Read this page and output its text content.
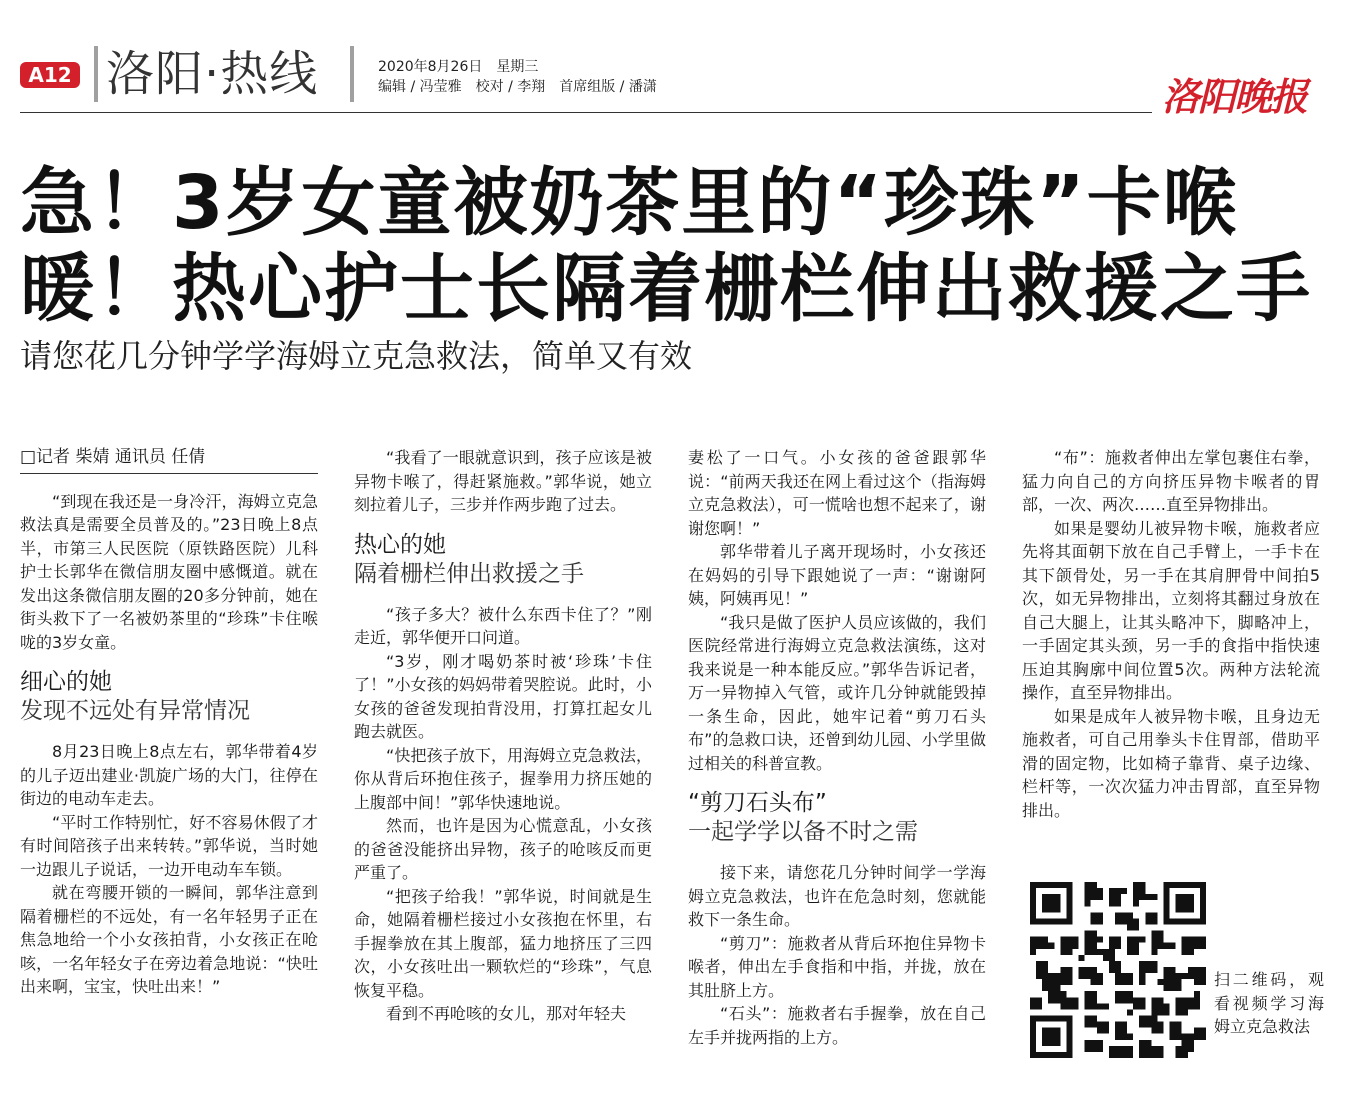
A12 洛阳·热线	2020年8月26日　星期三
编辑 / 冯莹雅　校对 / 李翔　首席组版 / 潘潇	洛阳晚报
急！3岁女童被奶茶里的“珍珠”卡喉
暖！热心护士长隔着栅栏伸出救援之手
请您花几分钟学学海姆立克急救法，简单又有效

□记者 柴婧 通讯员 任倩

“到现在我还是一身冷汗，海姆立克急救法真是需要全员普及的。”23日晚上8点半，市第三人民医院（原铁路医院）儿科护士长郭华在微信朋友圈中感慨道。就在发出这条微信朋友圈的20多分钟前，她在街头救下了一名被奶茶里的“珍珠”卡住喉咙的3岁女童。

细心的她
发现不远处有异常情况

8月23日晚上8点左右，郭华带着4岁的儿子迈出建业·凯旋广场的大门，往停在街边的电动车走去。

“平时工作特别忙，好不容易休假了才有时间陪孩子出来转转。”郭华说，当时她一边跟儿子说话，一边开电动车车锁。

就在弯腰开锁的一瞬间，郭华注意到隔着栅栏的不远处，有一名年轻男子正在焦急地给一个小女孩拍背，小女孩正在呛咳，一名年轻女子在旁边着急地说：“快吐出来啊，宝宝，快吐出来！”

“我看了一眼就意识到，孩子应该是被异物卡喉了，得赶紧施救。”郭华说，她立刻拉着儿子，三步并作两步跑了过去。

热心的她
隔着栅栏伸出救援之手

“孩子多大？被什么东西卡住了？”刚走近，郭华便开口问道。

“3岁，刚才喝奶茶时被‘珍珠’卡住了！”小女孩的妈妈带着哭腔说。此时，小女孩的爸爸发现拍背没用，打算扛起女儿跑去就医。

“快把孩子放下，用海姆立克急救法，你从背后环抱住孩子，握拳用力挤压她的上腹部中间！”郭华快速地说。

然而，也许是因为心慌意乱，小女孩的爸爸没能挤出异物，孩子的呛咳反而更严重了。

“把孩子给我！”郭华说，时间就是生命，她隔着栅栏接过小女孩抱在怀里，右手握拳放在其上腹部，猛力地挤压了三四次，小女孩吐出一颗软烂的“珍珠”，气息恢复平稳。

看到不再呛咳的女儿，那对年轻夫

妻松了一口气。小女孩的爸爸跟郭华说：“前两天我还在网上看过这个（指海姆立克急救法），可一慌啥也想不起来了，谢谢您啊！”

郭华带着儿子离开现场时，小女孩还在妈妈的引导下跟她说了一声：“谢谢阿姨，阿姨再见！”

“我只是做了医护人员应该做的，我们医院经常进行海姆立克急救法演练，这对我来说是一种本能反应。”郭华告诉记者，万一异物掉入气管，或许几分钟就能毁掉一条生命，因此，她牢记着“剪刀石头布”的急救口诀，还曾到幼儿园、小学里做过相关的科普宣教。

“剪刀石头布”
一起学学以备不时之需

接下来，请您花几分钟时间学一学海姆立克急救法，也许在危急时刻，您就能救下一条生命。

“剪刀”：施救者从背后环抱住异物卡喉者，伸出左手食指和中指，并拢，放在其肚脐上方。

“石头”：施救者右手握拳，放在自己左手并拢两指的上方。

“布”：施救者伸出左掌包裹住右拳，猛力向自己的方向挤压异物卡喉者的胃部，一次、两次……直至异物排出。

如果是婴幼儿被异物卡喉，施救者应先将其面朝下放在自己手臂上，一手卡在其下颌骨处，另一手在其肩胛骨中间拍5次，如无异物排出，立刻将其翻过身放在自己大腿上，让其头略冲下，脚略冲上，一手固定其头颈，另一手的食指中指快速压迫其胸廓中间位置5次。两种方法轮流操作，直至异物排出。

如果是成年人被异物卡喉，且身边无施救者，可自己用拳头卡住胃部，借助平滑的固定物，比如椅子靠背、桌子边缘、栏杆等，一次次猛力冲击胃部，直至异物排出。

扫二维码，观看视频学习海姆立克急救法
